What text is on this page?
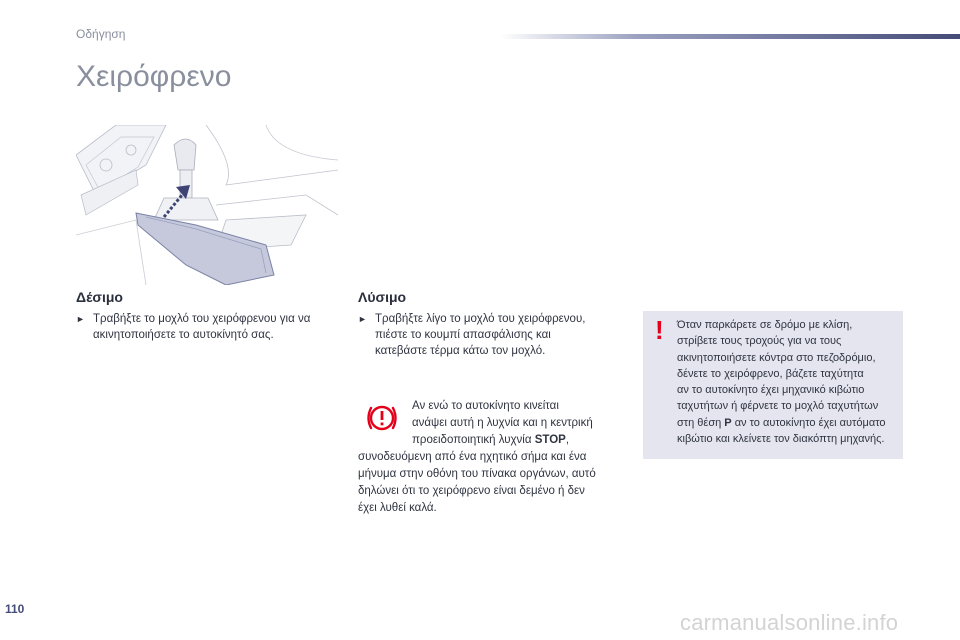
Οδήγηση
Χειρόφρενο
Δέσιμο
► Τραβήξτε το μοχλό του χειρόφρενου για να
ακινητοποιήσετε το αυτοκίνητό σας.
Λύσιμο
► Τραβήξτε λίγο το μοχλό του χειρόφρενου,
πιέστε το κουμπί απασφάλισης και
κατεβάστε τέρμα κάτω τον μοχλό.
Αν ενώ το αυτοκίνητο κινείται
ανάψει αυτή η λυχνία και η κεντρική
προειδοποιητική λυχνία STOP,
συνοδευόμενη από ένα ηχητικό σήμα και ένα
μήνυμα στην οθόνη του πίνακα οργάνων, αυτό
δηλώνει ότι το χειρόφρενο είναι δεμένο ή δεν
έχει λυθεί καλά.
! Όταν παρκάρετε σε δρόμο με κλίση,
στρίβετε τους τροχούς για να τους
ακινητοποιήσετε κόντρα στο πεζοδρόμιο,
δένετε το χειρόφρενο, βάζετε ταχύτητα
αν το αυτοκίνητο έχει μηχανικό κιβώτιο
ταχυτήτων ή φέρνετε το μοχλό ταχυτήτων
στη θέση P αν το αυτοκίνητο έχει αυτόματο
κιβώτιο και κλείνετε τον διακόπτη μηχανής.
110
carmanualsonline.info
